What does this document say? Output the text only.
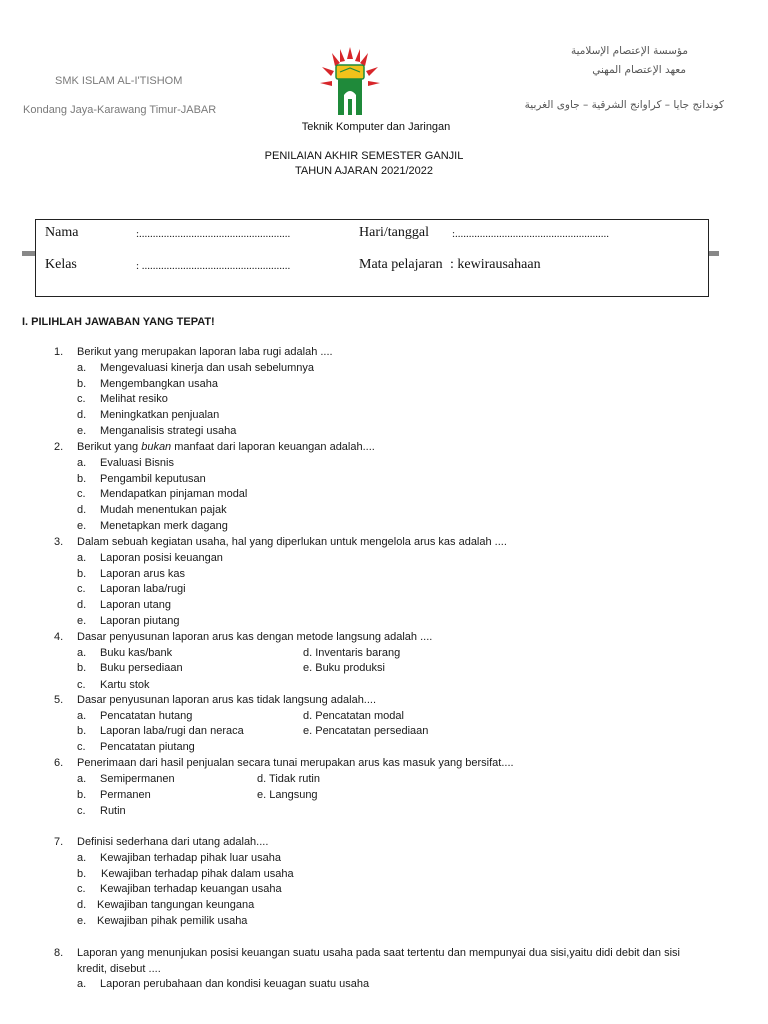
SMK ISLAM AL-I'TISHOM
Kondang Jaya-Karawang Timur-JABAR
مؤسسة الإعتصام الإسلامية
معهد الإعتصام المهني
كوندانج جايا – كراوانج الشرقية – جاوى الغربية
Teknik Komputer dan Jaringan
PENILAIAN AKHIR SEMESTER GANJIL
TAHUN AJARAN 2021/2022
Nama	:.......................................................	Hari/tanggal :........................................................
Kelas	: ......................................................	Mata pelajaran : kewirausahaan
I. PILIHLAH JAWABAN YANG TEPAT!
1.	Berikut yang merupakan laporan laba rugi adalah ....
a. Mengevaluasi kinerja dan usah sebelumnya
b. Mengembangkan usaha
c. Melihat resiko
d. Meningkatkan penjualan
e. Menganalisis strategi usaha
2.	Berikut yang bukan manfaat dari laporan keuangan adalah....
a. Evaluasi Bisnis
b. Pengambil keputusan
c. Mendapatkan pinjaman modal
d. Mudah menentukan pajak
e. Menetapkan merk dagang
3.	Dalam sebuah kegiatan usaha, hal yang diperlukan untuk mengelola arus kas adalah ....
a. Laporan posisi keuangan
b. Laporan arus kas
c. Laporan laba/rugi
d. Laporan utang
e. Laporan piutang
4.	Dasar penyusunan laporan arus kas dengan metode langsung adalah ....
a. Buku kas/bank	d. Inventaris barang
b. Buku persediaan	e. Buku produksi
c. Kartu stok
5.	Dasar penyusunan laporan arus kas tidak langsung adalah....
a. Pencatatan hutang	d. Pencatatan modal
b. Laporan laba/rugi dan neraca	e. Pencatatan persediaan
c. Pencatatan piutang
6.	Penerimaan dari hasil penjualan secara tunai merupakan arus kas masuk yang bersifat....
a. Semipermanen	d. Tidak rutin
b. Permanen	e. Langsung
c. Rutin
7.	Definisi sederhana dari utang adalah....
a. Kewajiban terhadap pihak luar usaha
b. Kewajiban terhadap pihak dalam usaha
c. Kewajiban terhadap keuangan usaha
d. Kewajiban tangungan keungana
e. Kewajiban pihak pemilik usaha
8.	Laporan yang menunjukan posisi keuangan suatu usaha pada saat tertentu dan mempunyai dua sisi,yaitu didi debit dan sisi
kredit, disebut ....
a. Laporan perubahaan dan kondisi keuagan suatu usaha
